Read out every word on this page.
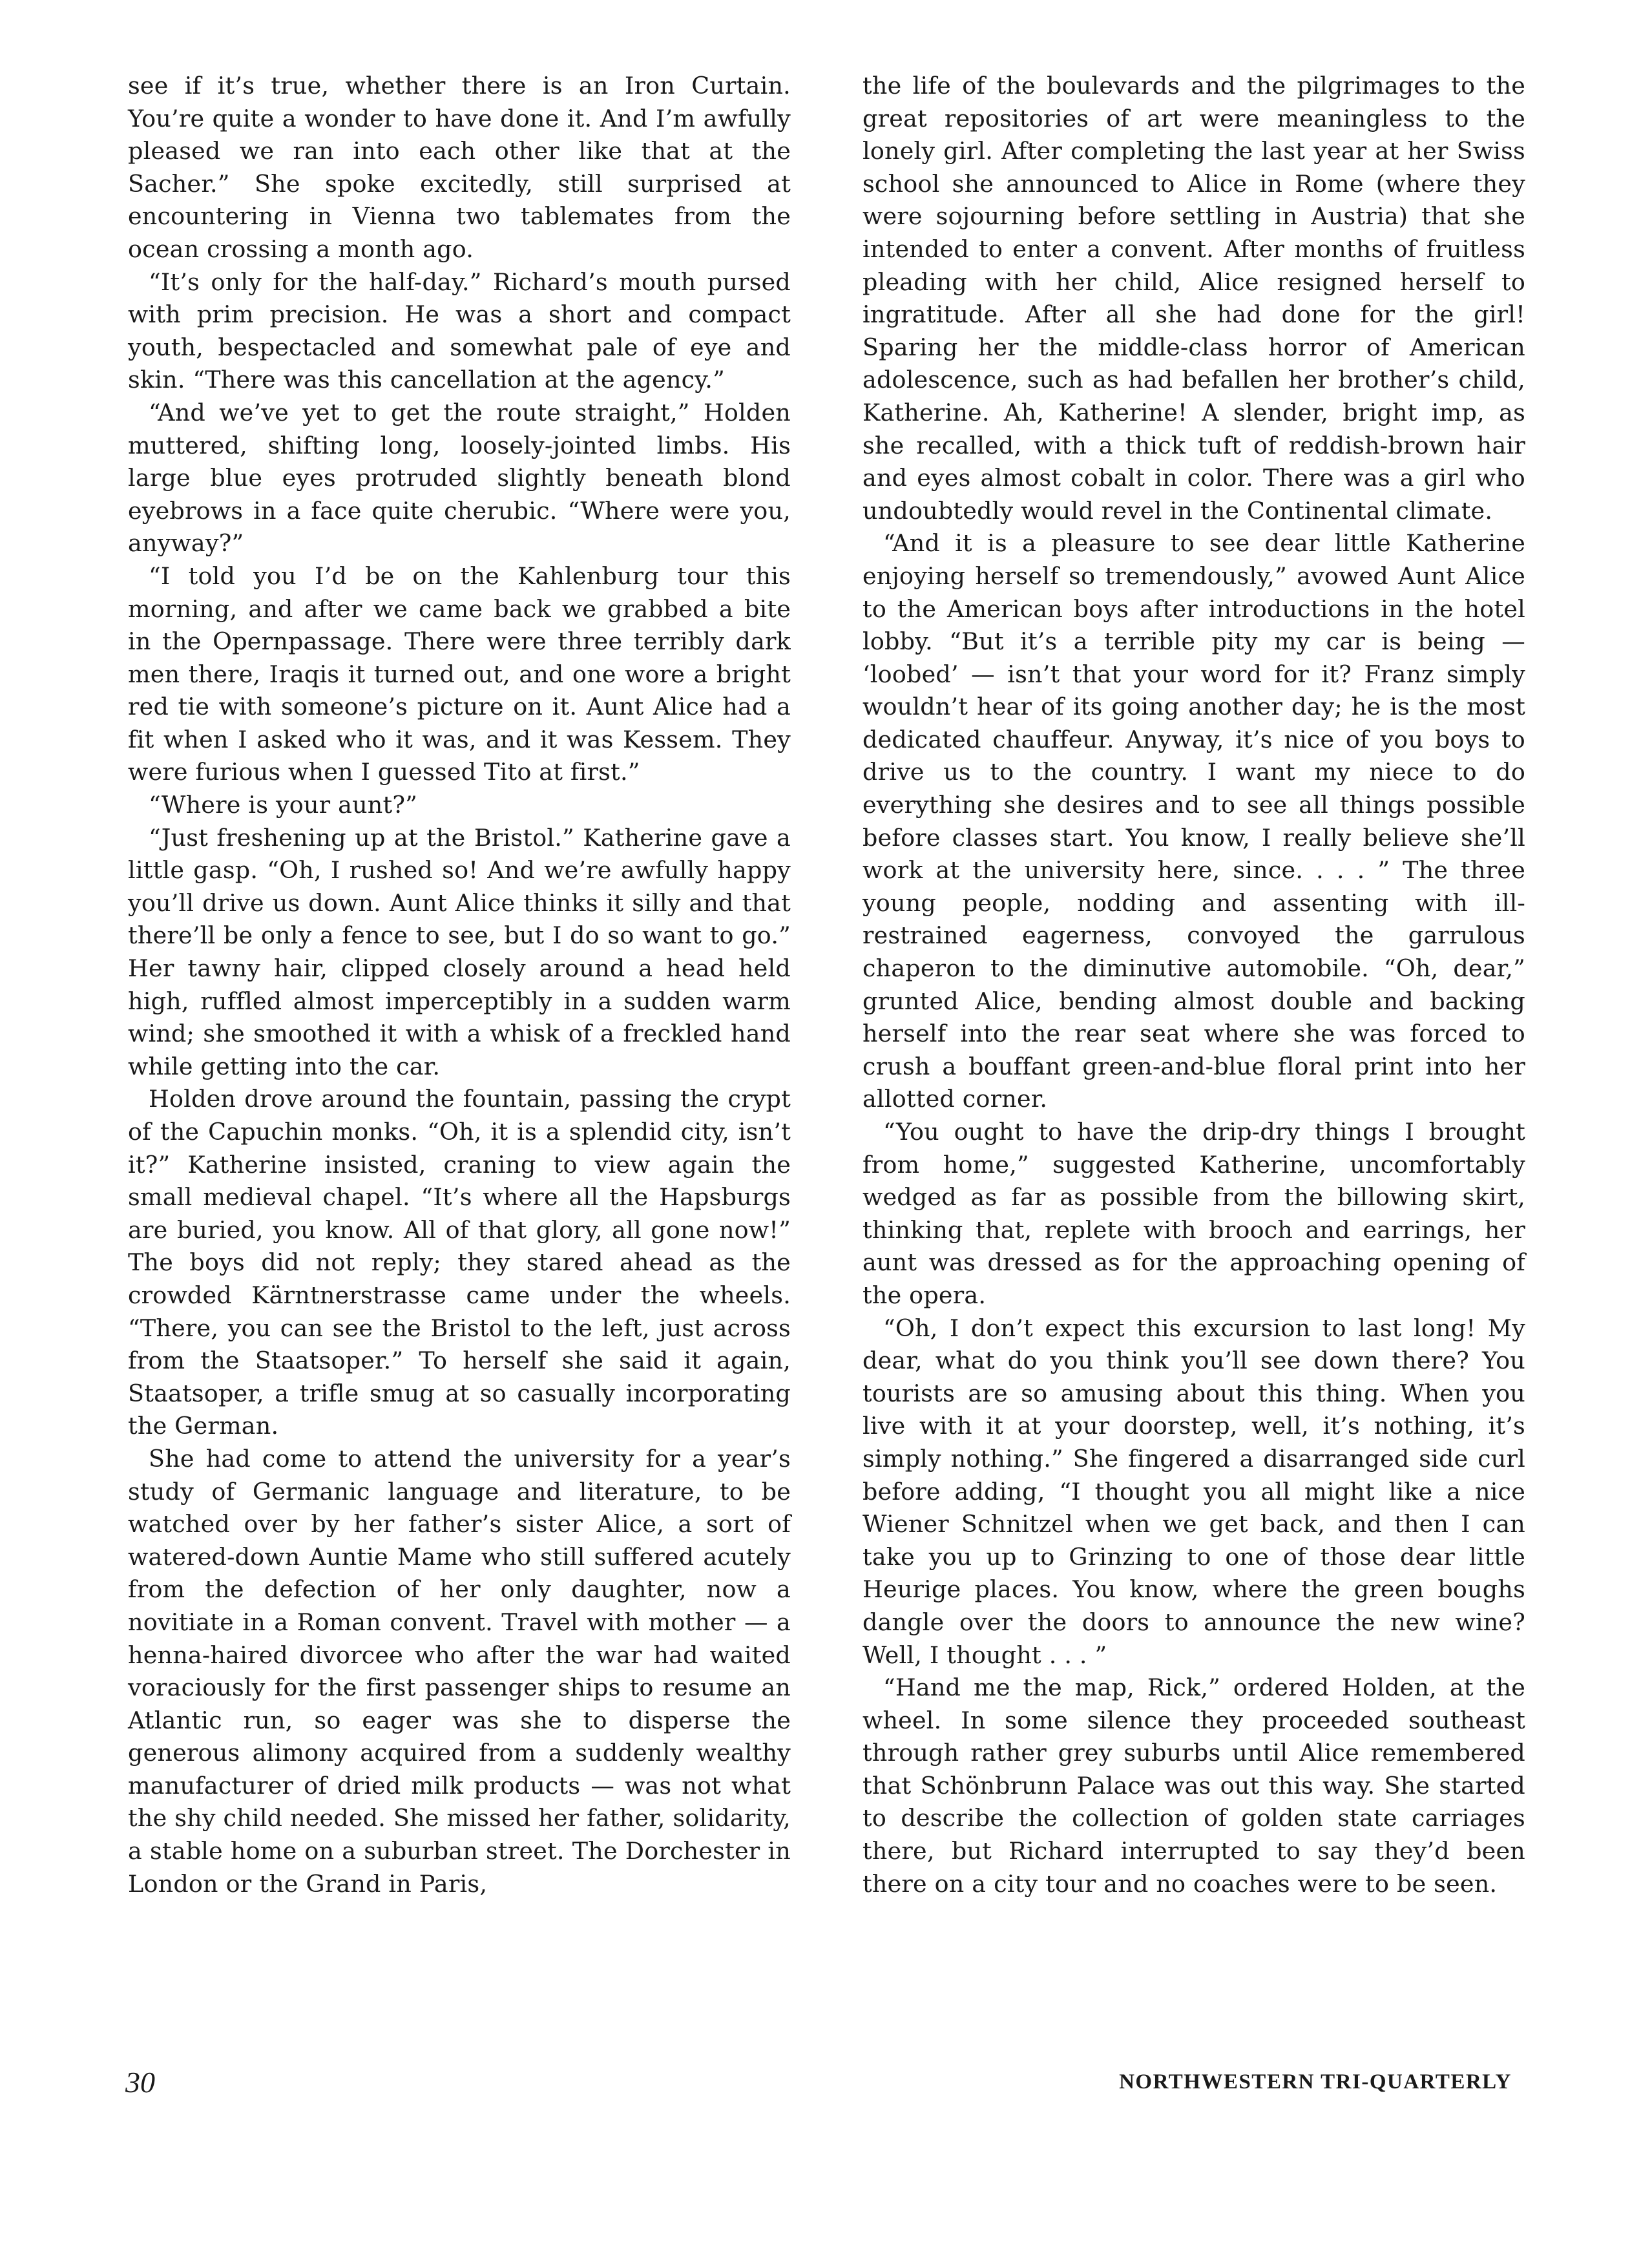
see if it’s true, whether there is an Iron Curtain. You’re quite a wonder to have done it. And I’m awfully pleased we ran into each other like that at the Sacher.” She spoke excitedly, still surprised at encountering in Vienna two tablemates from the ocean crossing a month ago.

“It’s only for the half-day.” Richard’s mouth pursed with prim precision. He was a short and compact youth, bespectacled and somewhat pale of eye and skin. “There was this cancellation at the agency.”

“And we’ve yet to get the route straight,” Holden muttered, shifting long, loosely-jointed limbs. His large blue eyes protruded slightly beneath blond eyebrows in a face quite cherubic. “Where were you, anyway?”

“I told you I’d be on the Kahlenburg tour this morning, and after we came back we grabbed a bite in the Opernpassage. There were three terribly dark men there, Iraqis it turned out, and one wore a bright red tie with someone’s picture on it. Aunt Alice had a fit when I asked who it was, and it was Kessem. They were furious when I guessed Tito at first.”

“Where is your aunt?”

“Just freshening up at the Bristol.” Katherine gave a little gasp. “Oh, I rushed so! And we’re awfully happy you’ll drive us down. Aunt Alice thinks it silly and that there’ll be only a fence to see, but I do so want to go.” Her tawny hair, clipped closely around a head held high, ruffled almost imperceptibly in a sudden warm wind; she smoothed it with a whisk of a freckled hand while getting into the car.

Holden drove around the fountain, passing the crypt of the Capuchin monks. “Oh, it is a splendid city, isn’t it?” Katherine insisted, craning to view again the small medieval chapel. “It’s where all the Hapsburgs are buried, you know. All of that glory, all gone now!” The boys did not reply; they stared ahead as the crowded Kärntnerstrasse came under the wheels. “There, you can see the Bristol to the left, just across from the Staatsoper.” To herself she said it again, Staatsoper, a trifle smug at so casually incorporating the German.

She had come to attend the university for a year’s study of Germanic language and literature, to be watched over by her father’s sister Alice, a sort of watered-down Auntie Mame who still suffered acutely from the defection of her only daughter, now a novitiate in a Roman convent. Travel with mother — a henna-haired divorcee who after the war had waited voraciously for the first passenger ships to resume an Atlantic run, so eager was she to disperse the generous alimony acquired from a suddenly wealthy manufacturer of dried milk products — was not what the shy child needed. She missed her father, solidarity, a stable home on a suburban street. The Dorchester in London or the Grand in Paris,

the life of the boulevards and the pilgrimages to the great repositories of art were meaningless to the lonely girl. After completing the last year at her Swiss school she announced to Alice in Rome (where they were sojourning before settling in Austria) that she intended to enter a convent. After months of fruitless pleading with her child, Alice resigned herself to ingratitude. After all she had done for the girl! Sparing her the middle-class horror of American adolescence, such as had befallen her brother’s child, Katherine. Ah, Katherine! A slender, bright imp, as she recalled, with a thick tuft of reddish-brown hair and eyes almost cobalt in color. There was a girl who undoubtedly would revel in the Continental climate.

“And it is a pleasure to see dear little Katherine enjoying herself so tremendously,” avowed Aunt Alice to the American boys after introductions in the hotel lobby. “But it’s a terrible pity my car is being — ‘loobed’ — isn’t that your word for it? Franz simply wouldn’t hear of its going another day; he is the most dedicated chauffeur. Anyway, it’s nice of you boys to drive us to the country. I want my niece to do everything she desires and to see all things possible before classes start. You know, I really believe she’ll work at the university here, since. . . . ” The three young people, nodding and assenting with ill-restrained eagerness, convoyed the garrulous chaperon to the diminutive automobile. “Oh, dear,” grunted Alice, bending almost double and backing herself into the rear seat where she was forced to crush a bouffant green-and-blue floral print into her allotted corner.

“You ought to have the drip-dry things I brought from home,” suggested Katherine, uncomfortably wedged as far as possible from the billowing skirt, thinking that, replete with brooch and earrings, her aunt was dressed as for the approaching opening of the opera.

“Oh, I don’t expect this excursion to last long! My dear, what do you think you’ll see down there? You tourists are so amusing about this thing. When you live with it at your doorstep, well, it’s nothing, it’s simply nothing.” She fingered a disarranged side curl before adding, “I thought you all might like a nice Wiener Schnitzel when we get back, and then I can take you up to Grinzing to one of those dear little Heurige places. You know, where the green boughs dangle over the doors to announce the new wine? Well, I thought . . . ”

“Hand me the map, Rick,” ordered Holden, at the wheel. In some silence they proceeded southeast through rather grey suburbs until Alice remembered that Schönbrunn Palace was out this way. She started to describe the collection of golden state carriages there, but Richard interrupted to say they’d been there on a city tour and no coaches were to be seen.

30	NORTHWESTERN TRI-QUARTERLY
